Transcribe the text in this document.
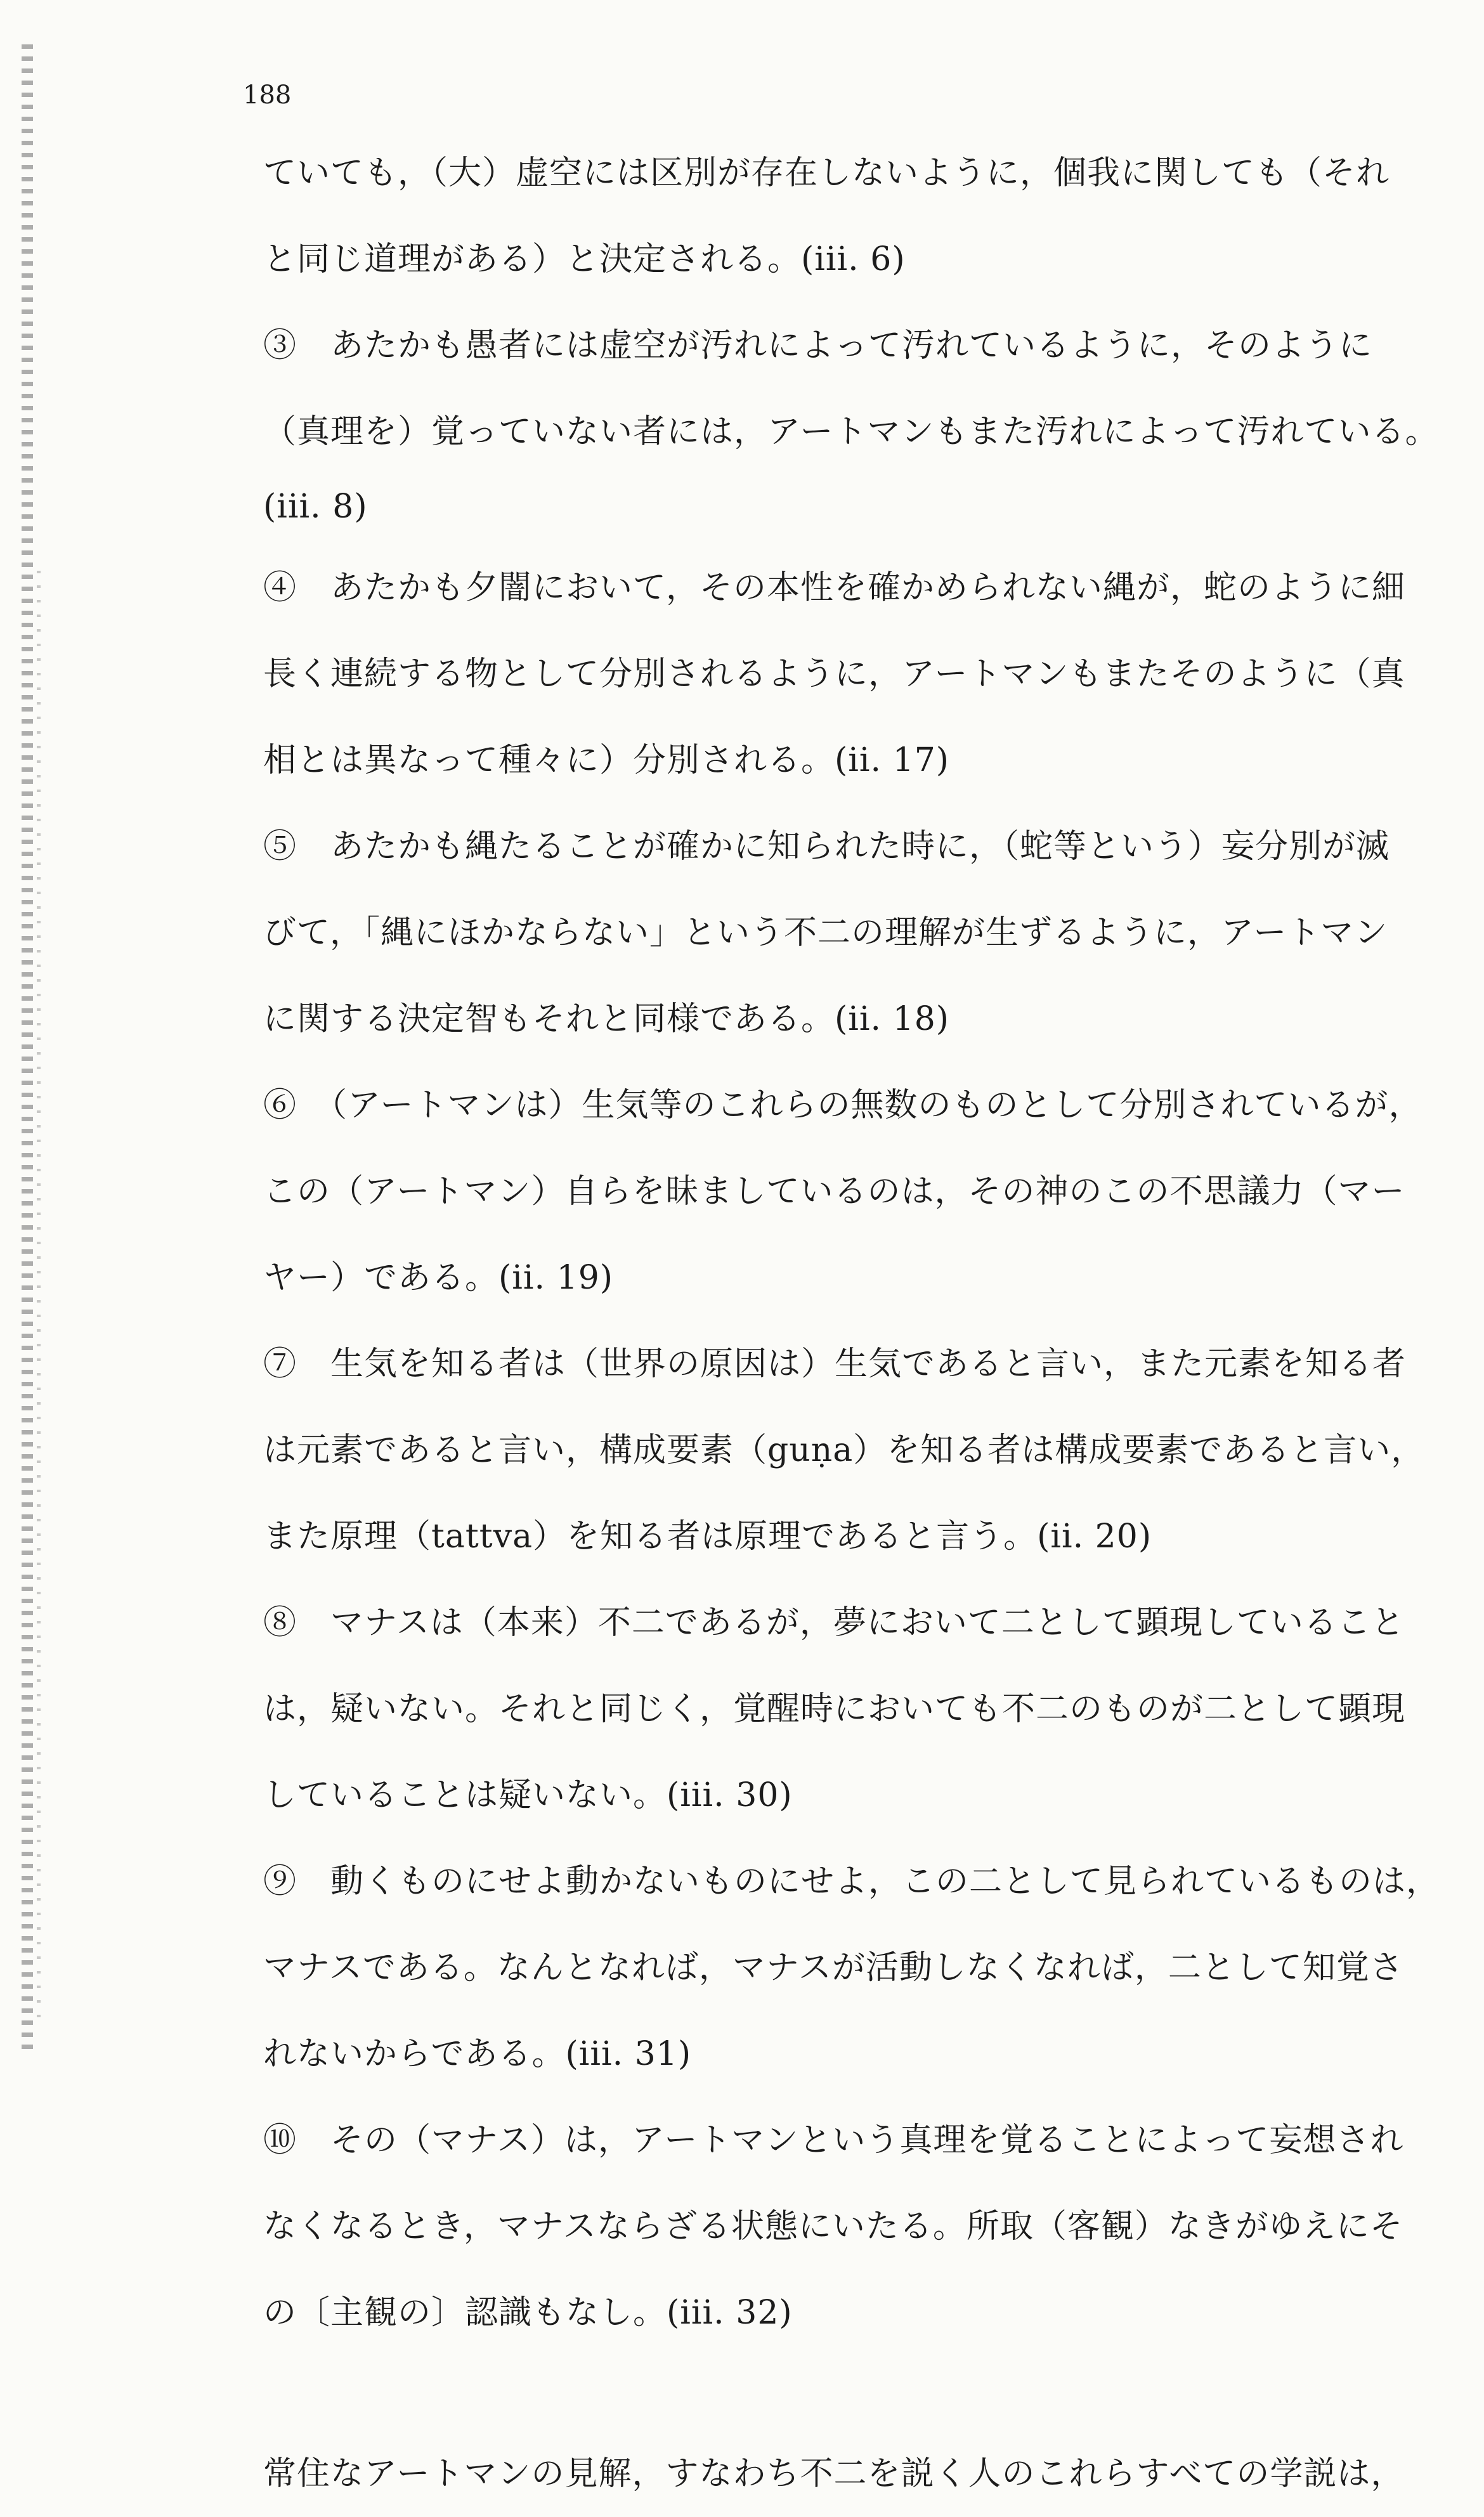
188
ていても，（大）虚空には区別が存在しないように，個我に関しても（それ
と同じ道理がある）と決定される。(iii. 6)
③　あたかも愚者には虚空が汚れによって汚れているように，そのように
（真理を）覚っていない者には，アートマンもまた汚れによって汚れている。
(iii. 8)
④　あたかも夕闇において，その本性を確かめられない縄が，蛇のように細
長く連続する物として分別されるように，アートマンもまたそのように（真
相とは異なって種々に）分別される。(ii. 17)
⑤　あたかも縄たることが確かに知られた時に，（蛇等という）妄分別が滅
びて，「縄にほかならない」という不二の理解が生ずるように，アートマン
に関する決定智もそれと同様である。(ii. 18)
⑥　（アートマンは）生気等のこれらの無数のものとして分別されているが，
この（アートマン）自らを昧ましているのは，その神のこの不思議力（マー
ヤー）である。(ii. 19)
⑦　生気を知る者は（世界の原因は）生気であると言い，また元素を知る者
は元素であると言い，構成要素（guṇa）を知る者は構成要素であると言い，
また原理（tattva）を知る者は原理であると言う。(ii. 20)
⑧　マナスは（本来）不二であるが，夢において二として顕現していること
は，疑いない。それと同じく，覚醒時においても不二のものが二として顕現
していることは疑いない。(iii. 30)
⑨　動くものにせよ動かないものにせよ，この二として見られているものは，
マナスである。なんとなれば，マナスが活動しなくなれば，二として知覚さ
れないからである。(iii. 31)
⑩　その（マナス）は，アートマンという真理を覚ることによって妄想され
なくなるとき，マナスならざる状態にいたる。所取（客観）なきがゆえにそ
の〔主観の〕認識もなし。(iii. 32)
常住なアートマンの見解，すなわち不二を説く人のこれらすべての学説は，
